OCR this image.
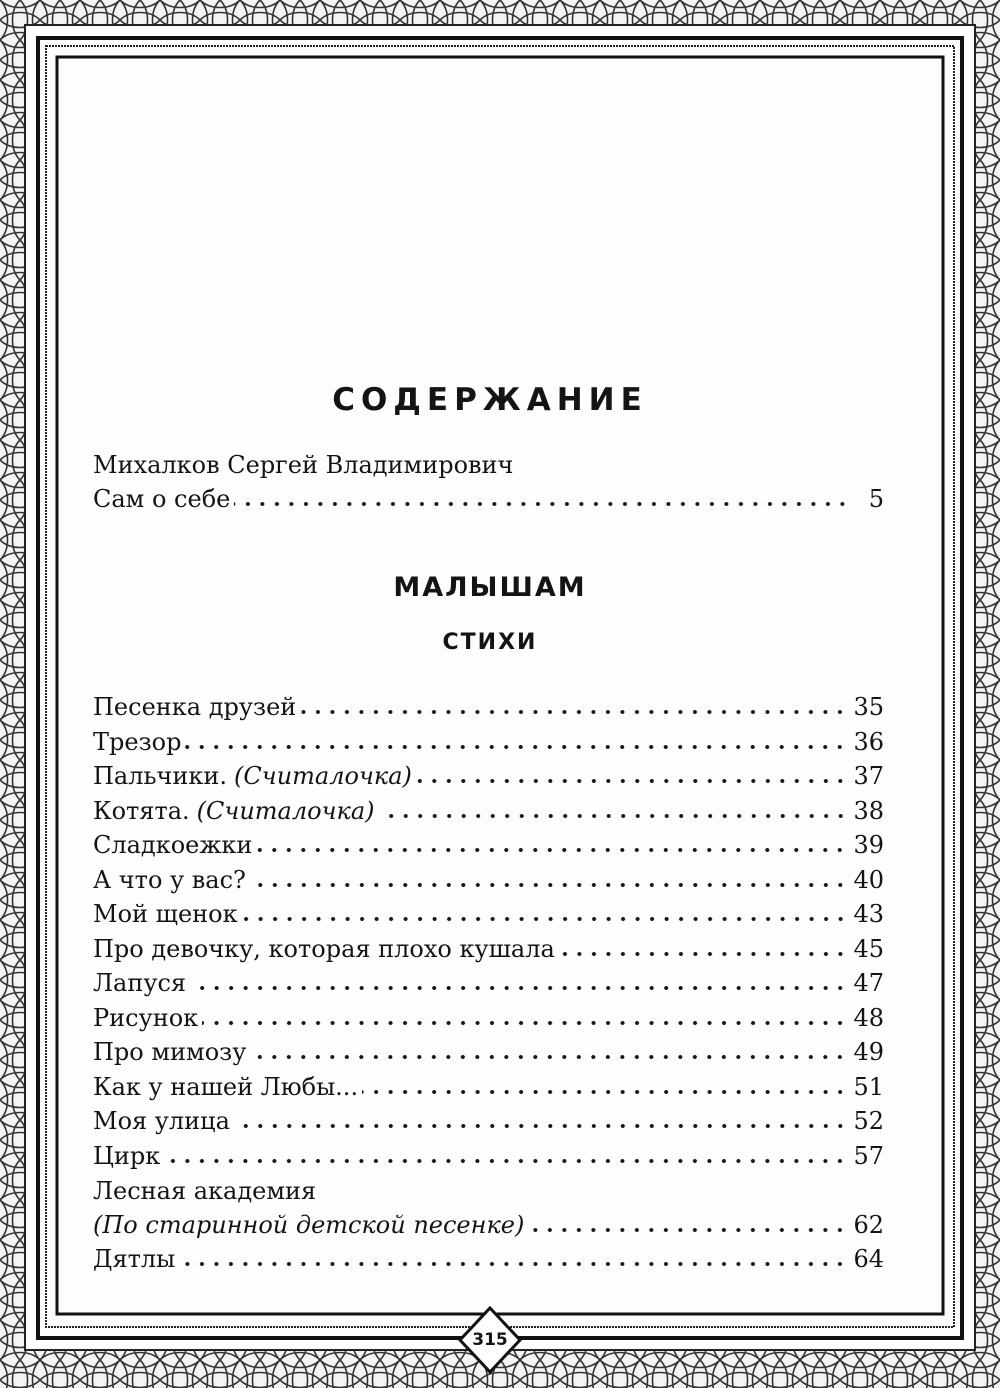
СОДЕРЖАНИЕ
Михалков Сергей Владимирович
Сам о себе	5
МАЛЫШАМ
СТИХИ
Песенка друзей	35
Трезор	36
Пальчики. (Считалочка)	37
Котята. (Считалочка)	38
Сладкоежки	39
А что у вас?	40
Мой щенок	43
Про девочку, которая плохо кушала	45
Лапуся	47
Рисунок	48
Про мимозу	49
Как у нашей Любы...	51
Моя улица	52
Цирк	57
Лесная академия
(По старинной детской песенке)	62
Дятлы	64
315
